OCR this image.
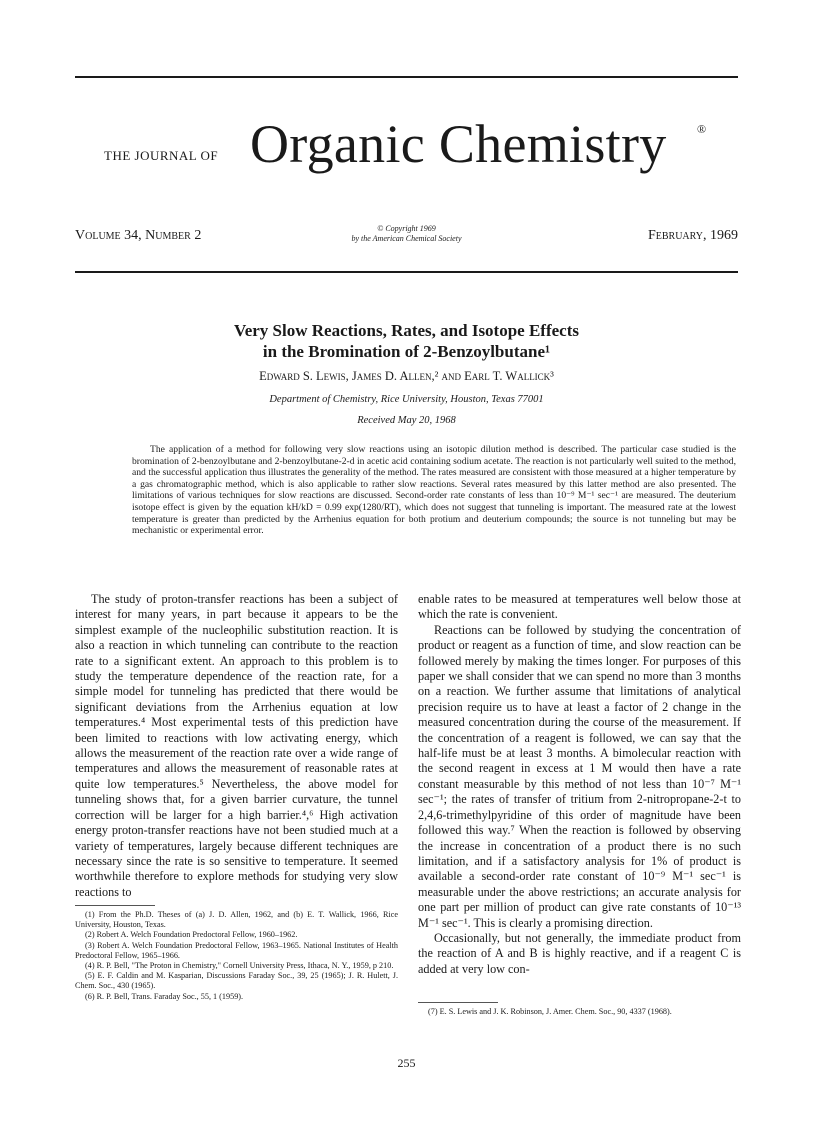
THE JOURNAL OF Organic Chemistry	®
Volume 34, Number 2	© Copyright 1969
by the American Chemical Society	February, 1969
Very Slow Reactions, Rates, and Isotope Effects
in the Bromination of 2-Benzoylbutane¹
Edward S. Lewis, James D. Allen,² and Earl T. Wallick³
Department of Chemistry, Rice University, Houston, Texas 77001
Received May 20, 1968

The application of a method for following very slow reactions using an isotopic dilution method is described. The particular case studied is the bromination of 2-benzoylbutane and 2-benzoylbutane-2-d in acetic acid containing sodium acetate. The reaction is not particularly well suited to the method, and the successful application thus illustrates the generality of the method. The rates measured are consistent with those measured at a higher temperature by a gas chromatographic method, which is also applicable to rather slow reactions. Several rates measured by this latter method are also presented. The limitations of various techniques for slow reactions are discussed. Second-order rate constants of less than 10⁻⁹ M⁻¹ sec⁻¹ are measured. The deuterium isotope effect is given by the equation kH/kD = 0.99 exp(1280/RT), which does not suggest that tunneling is important. The measured rate at the lowest temperature is greater than predicted by the Arrhenius equation for both protium and deuterium compounds; the source is not tunneling but may be mechanistic or experimental error.

The study of proton-transfer reactions has been a subject of interest for many years, in part because it appears to be the simplest example of the nucleophilic substitution reaction. It is also a reaction in which tunneling can contribute to the reaction rate to a significant extent. An approach to this problem is to study the temperature dependence of the reaction rate, for a simple model for tunneling has predicted that there would be significant deviations from the Arrhenius equation at low temperatures.⁴ Most experimental tests of this prediction have been limited to reactions with low activating energy, which allows the measurement of the reaction rate over a wide range of temperatures and allows the measurement of reasonable rates at quite low temperatures.⁵ Nevertheless, the above model for tunneling shows that, for a given barrier curvature, the tunnel correction will be larger for a high barrier.⁴,⁶ High activation energy proton-transfer reactions have not been studied much at a variety of temperatures, largely because different techniques are necessary since the rate is so sensitive to temperature. It seemed worthwhile therefore to explore methods for studying very slow reactions to

enable rates to be measured at temperatures well below those at which the rate is convenient.

Reactions can be followed by studying the concentration of product or reagent as a function of time, and slow reaction can be followed merely by making the times longer. For purposes of this paper we shall consider that we can spend no more than 3 months on a reaction. We further assume that limitations of analytical precision require us to have at least a factor of 2 change in the measured concentration during the course of the measurement. If the concentration of a reagent is followed, we can say that the half-life must be at least 3 months. A bimolecular reaction with the second reagent in excess at 1 M would then have a rate constant measurable by this method of not less than 10⁻⁷ M⁻¹ sec⁻¹; the rates of transfer of tritium from 2-nitropropane-2-t to 2,4,6-trimethylpyridine of this order of magnitude have been followed this way.⁷ When the reaction is followed by observing the increase in concentration of a product there is no such limitation, and if a satisfactory analysis for 1% of product is available a second-order rate constant of 10⁻⁹ M⁻¹ sec⁻¹ is measurable under the above restrictions; an accurate analysis for one part per million of product can give rate constants of 10⁻¹³ M⁻¹ sec⁻¹. This is clearly a promising direction.

Occasionally, but not generally, the immediate product from the reaction of A and B is highly reactive, and if a reagent C is added at very low con-

(1) From the Ph.D. Theses of (a) J. D. Allen, 1962, and (b) E. T. Wallick, 1966, Rice University, Houston, Texas.

(2) Robert A. Welch Foundation Predoctoral Fellow, 1960–1962.

(3) Robert A. Welch Foundation Predoctoral Fellow, 1963–1965. National Institutes of Health Predoctoral Fellow, 1965–1966.

(4) R. P. Bell, "The Proton in Chemistry," Cornell University Press, Ithaca, N. Y., 1959, p 210.

(5) E. F. Caldin and M. Kasparian, Discussions Faraday Soc., 39, 25 (1965); J. R. Hulett, J. Chem. Soc., 430 (1965).

(6) R. P. Bell, Trans. Faraday Soc., 55, 1 (1959).

(7) E. S. Lewis and J. K. Robinson, J. Amer. Chem. Soc., 90, 4337 (1968).

255
